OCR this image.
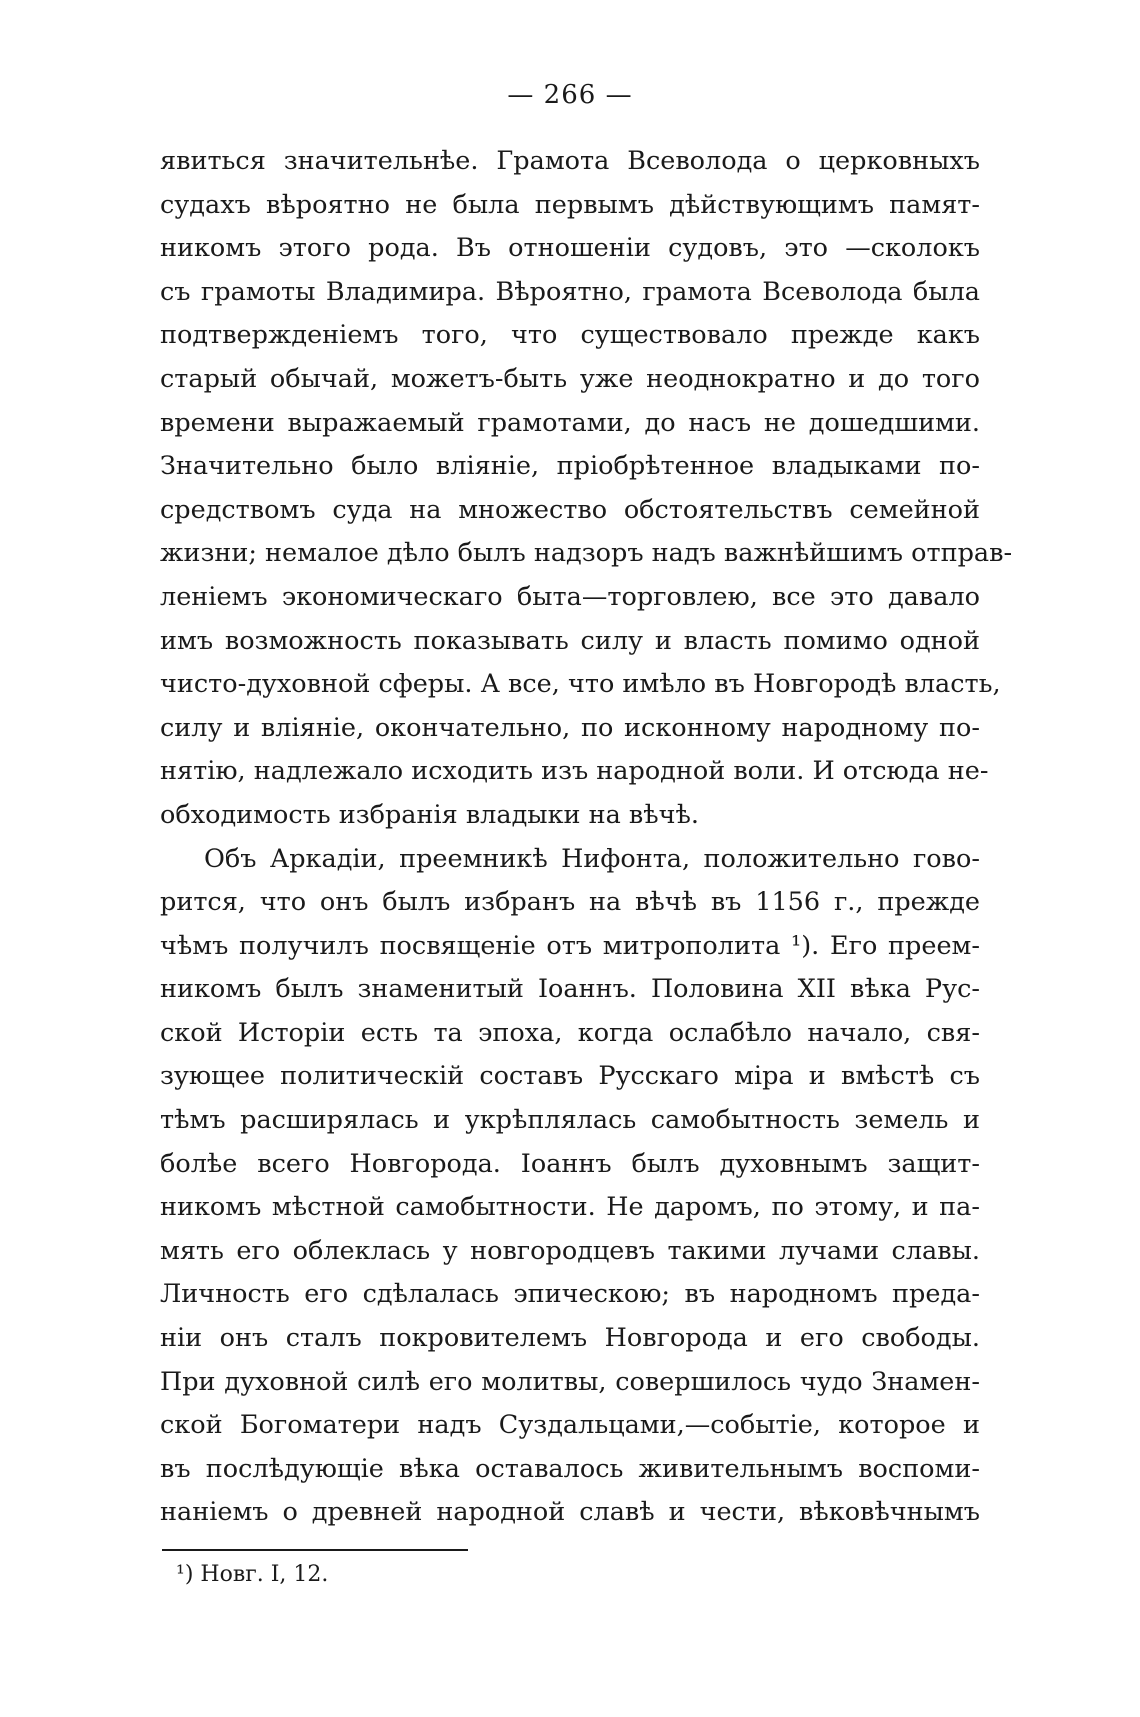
— 266 —
явиться значительнѣе. Грамота Всеволода о церковныхъ
судахъ вѣроятно не была первымъ дѣйствующимъ памят-
никомъ этого рода. Въ отношеніи судовъ, это —сколокъ
съ грамоты Владимира. Вѣроятно, грамота Всеволода была
подтвержденіемъ того, что существовало прежде какъ
старый обычай, можетъ-быть уже неоднократно и до того
времени выражаемый грамотами, до насъ не дошедшими.
Значительно было вліяніе, пріобрѣтенное владыками по-
средствомъ суда на множество обстоятельствъ семейной
жизни; немалое дѣло былъ надзоръ надъ важнѣйшимъ отправ-
леніемъ экономическаго быта—торговлею, все это давало
имъ возможность показывать силу и власть помимо одной
чисто-духовной сферы. А все, что имѣло въ Новгородѣ власть,
силу и вліяніе, окончательно, по исконному народному по-
нятію, надлежало исходить изъ народной воли. И отсюда не-
обходимость избранія владыки на вѣчѣ.
Объ Аркадіи, преемникѣ Нифонта, положительно гово-
рится, что онъ былъ избранъ на вѣчѣ въ 1156 г., прежде
чѣмъ получилъ посвященіе отъ митрополита ¹). Его преем-
никомъ былъ знаменитый Іоаннъ. Половина XII вѣка Рус-
ской Исторіи есть та эпоха, когда ослабѣло начало, свя-
зующее политическій составъ Русскаго міра и вмѣстѣ съ
тѣмъ расширялась и укрѣплялась самобытность земель и
болѣе всего Новгорода. Іоаннъ былъ духовнымъ защит-
никомъ мѣстной самобытности. Не даромъ, по этому, и па-
мять его облеклась у новгородцевъ такими лучами славы.
Личность его сдѣлалась эпическою; въ народномъ преда-
ніи онъ сталъ покровителемъ Новгорода и его свободы.
При духовной силѣ его молитвы, совершилось чудо Знамен-
ской Богоматери надъ Суздальцами,—событіе, которое и
въ послѣдующіе вѣка оставалось живительнымъ воспоми-
наніемъ о древней народной славѣ и чести, вѣковѣчнымъ
¹) Новг. I, 12.
